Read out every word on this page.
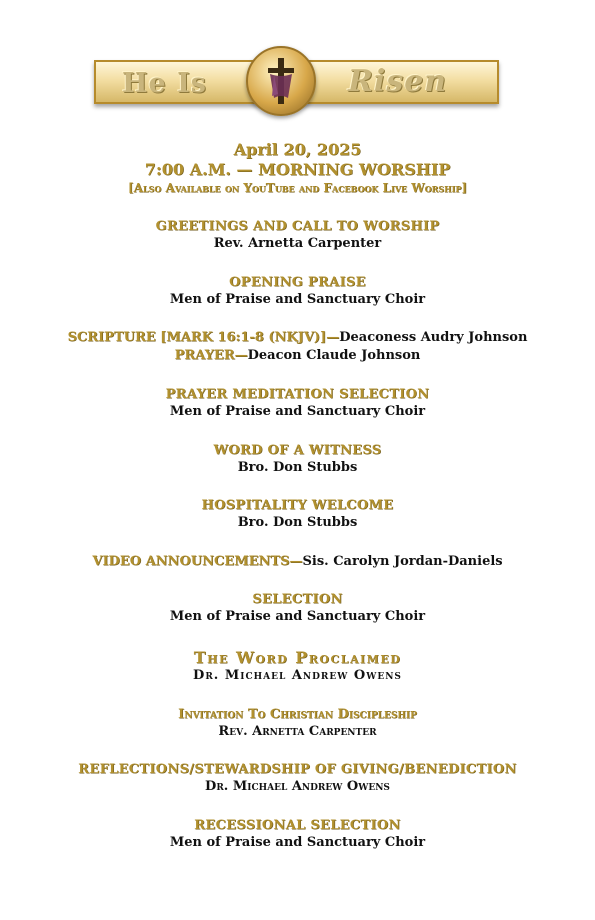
He Is	Risen
April 20, 2025
7:00 A.M. — MORNING WORSHIP
[Also Available on YouTube and Facebook Live Worship]
GREETINGS AND CALL TO WORSHIP
Rev. Arnetta Carpenter
OPENING PRAISE
Men of Praise and Sanctuary Choir
SCRIPTURE [MARK 16:1-8 (NKJV)]—Deaconess Audry Johnson
PRAYER—Deacon Claude Johnson
PRAYER MEDITATION SELECTION
Men of Praise and Sanctuary Choir
WORD OF A WITNESS
Bro. Don Stubbs
HOSPITALITY WELCOME
Bro. Don Stubbs
VIDEO ANNOUNCEMENTS—Sis. Carolyn Jordan-Daniels
SELECTION
Men of Praise and Sanctuary Choir
The Word Proclaimed
Dr. Michael Andrew Owens
Invitation To Christian Discipleship
Rev. Arnetta Carpenter
REFLECTIONS/STEWARDSHIP OF GIVING/BENEDICTION
Dr. Michael Andrew Owens
RECESSIONAL SELECTION
Men of Praise and Sanctuary Choir
